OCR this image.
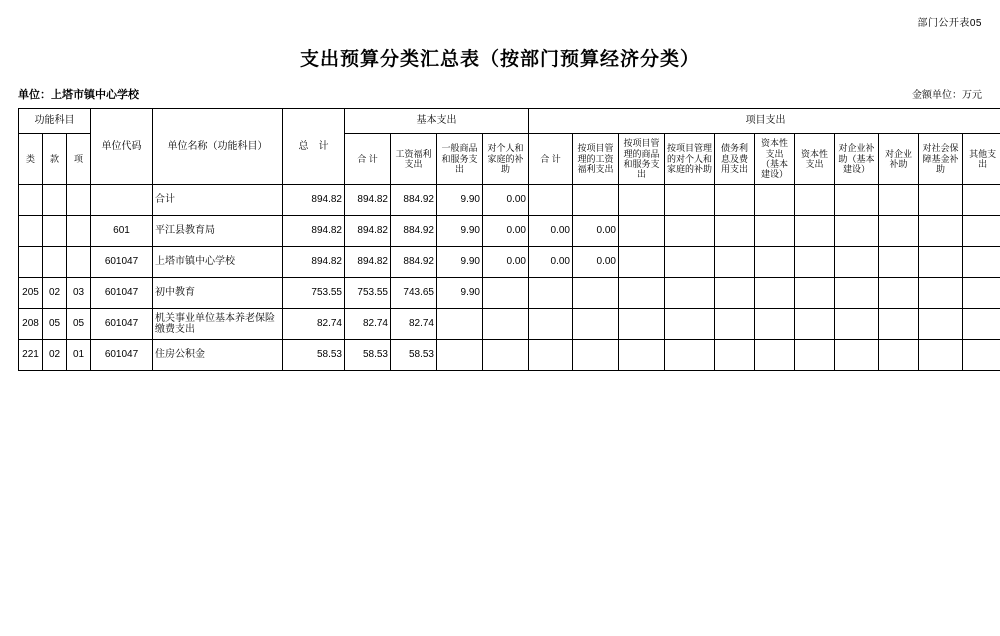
部门公开表05
支出预算分类汇总表（按部门预算经济分类）
单位：上塔市镇中心学校	金额单位：万元
功能科目			单位代码	单位名称（功能科目）	总　计	基本支出				项目支出										
类	款	项				合 计	工资福利支出	一般商品和服务支出	对个人和家庭的补助	合 计	按项目管理的工资福利支出	按项目管理的商品和服务支出	按项目管理的对个人和家庭的补助	债务利息及费用支出	资本性支出（基本建设）	资本性支出	对企业补助（基本建设）	对企业补助	对社会保障基金补助	其他支出
				合计	894.82	894.82	884.92	9.90	0.00											
			601	平江县教育局	894.82	894.82	884.92	9.90	0.00	0.00	0.00									
			601047	上塔市镇中心学校	894.82	894.82	884.92	9.90	0.00	0.00	0.00									
205	02	03	601047	初中教育	753.55	753.55	743.65	9.90												
208	05	05	601047	机关事业单位基本养老保险缴费支出	82.74	82.74	82.74													
221	02	01	601047	住房公积金	58.53	58.53	58.53													
